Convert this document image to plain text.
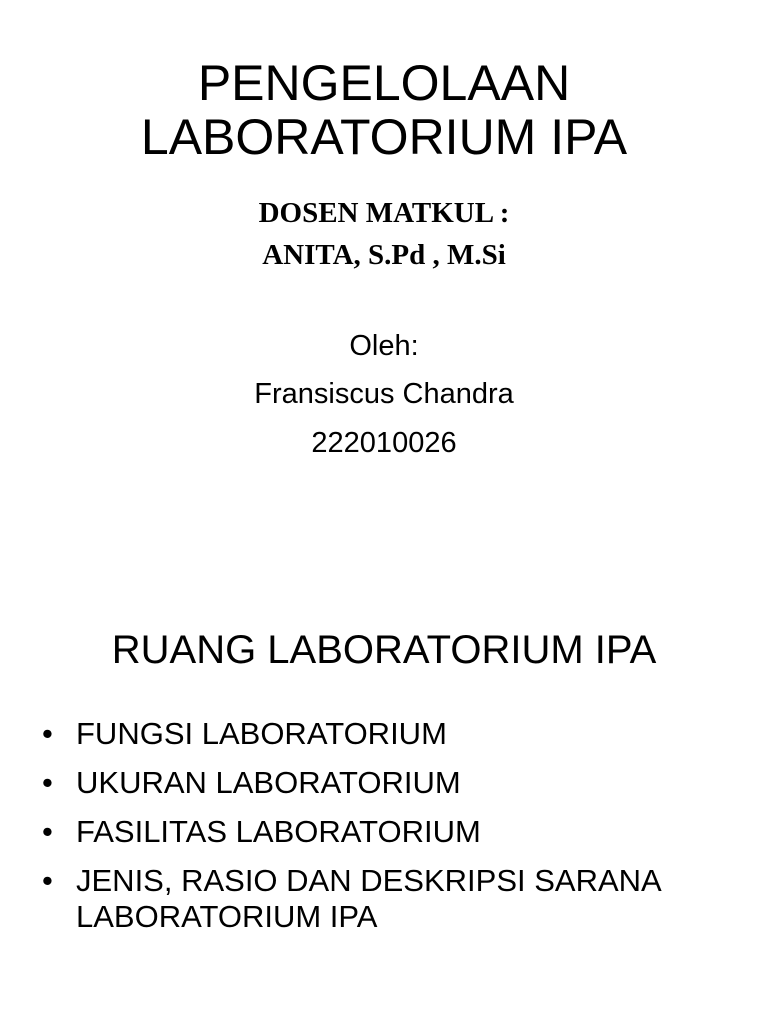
PENGELOLAAN
LABORATORIUM IPA
DOSEN MATKUL :
ANITA, S.Pd , M.Si
Oleh:
Fransiscus Chandra
222010026
RUANG LABORATORIUM IPA
• FUNGSI LABORATORIUM
• UKURAN LABORATORIUM
• FASILITAS LABORATORIUM
• JENIS, RASIO DAN DESKRIPSI SARANA LABORATORIUM IPA
